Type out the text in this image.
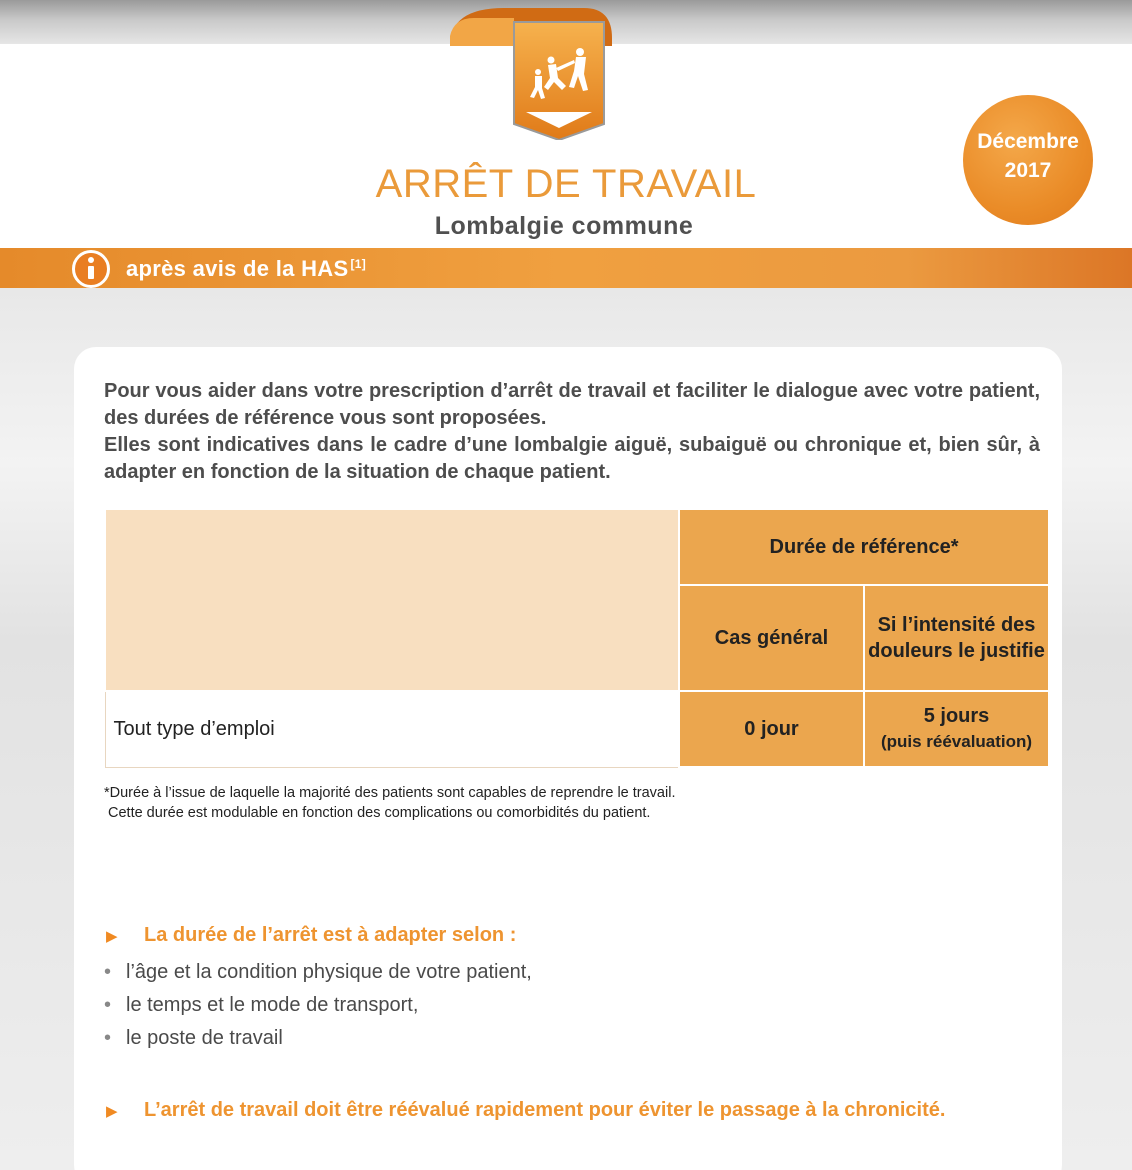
ARRÊT DE TRAVAIL
Lombalgie commune
Décembre
2017
après avis de la HAS [1]

Pour vous aider dans votre prescription d’arrêt de travail et faciliter le dialogue avec votre patient, des durées de référence vous sont proposées.

Elles sont indicatives dans le cadre d’une lombalgie aiguë, subaiguë ou chronique et, bien sûr, à adapter en fonction de la situation de chaque patient.

	Durée de référence*	
	Cas général	Si l’intensité des douleurs le justifie
Tout type d’emploi	0 jour	5 jours
(puis réévaluation)
*Durée à l’issue de laquelle la majorité des patients sont capables de reprendre le travail.
Cette durée est modulable en fonction des complications ou comorbidités du patient.
▶	La durée de l’arrêt est à adapter selon :
• l’âge et la condition physique de votre patient,
• le temps et le mode de transport,
• le poste de travail
▶	L’arrêt de travail doit être réévalué rapidement pour éviter le passage à la chronicité.
